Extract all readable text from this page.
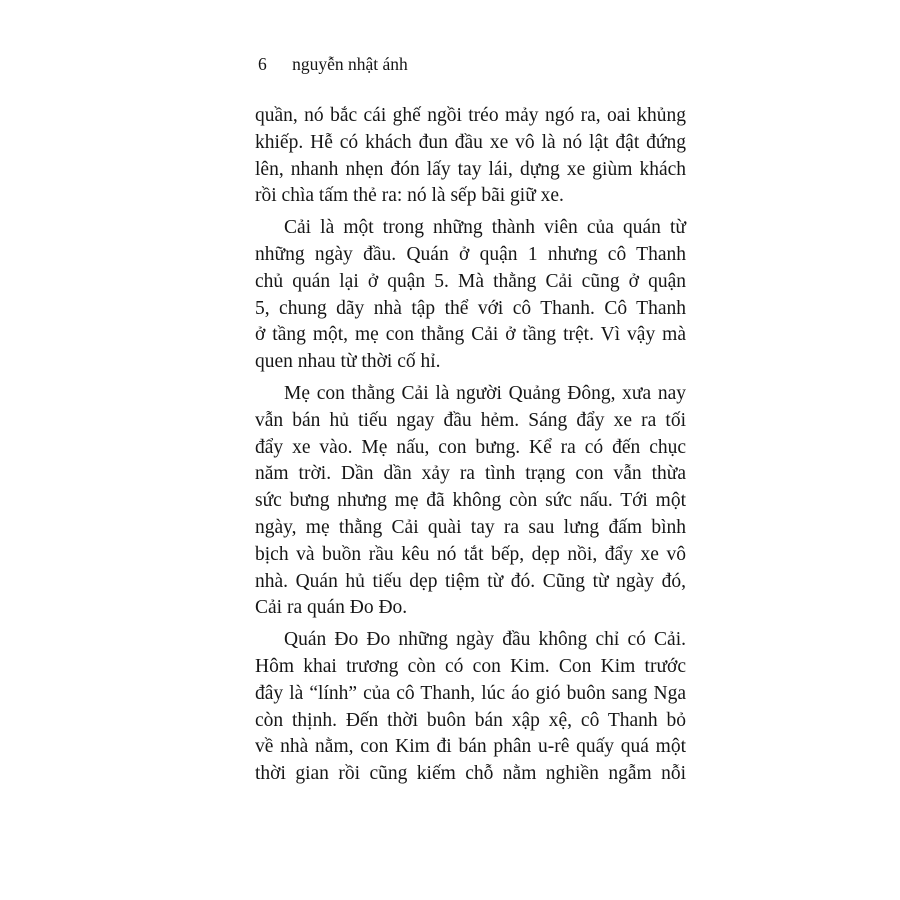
6 nguyễn nhật ánh
quần, nó bắc cái ghế ngồi tréo mảy ngó ra, oai khủng
khiếp. Hễ có khách đun đầu xe vô là nó lật đật đứng
lên, nhanh nhẹn đón lấy tay lái, dựng xe giùm khách
rồi chìa tấm thẻ ra: nó là sếp bãi giữ xe.
Cải là một trong những thành viên của quán từ
những ngày đầu. Quán ở quận 1 nhưng cô Thanh
chủ quán lại ở quận 5. Mà thằng Cải cũng ở quận
5, chung dãy nhà tập thể với cô Thanh. Cô Thanh
ở tầng một, mẹ con thằng Cải ở tầng trệt. Vì vậy mà
quen nhau từ thời cố hỉ.
Mẹ con thằng Cải là người Quảng Đông, xưa nay
vẫn bán hủ tiếu ngay đầu hẻm. Sáng đẩy xe ra tối
đẩy xe vào. Mẹ nấu, con bưng. Kể ra có đến chục
năm trời. Dần dần xảy ra tình trạng con vẫn thừa
sức bưng nhưng mẹ đã không còn sức nấu. Tới một
ngày, mẹ thằng Cải quài tay ra sau lưng đấm bình
bịch và buồn rầu kêu nó tắt bếp, dẹp nồi, đẩy xe vô
nhà. Quán hủ tiếu dẹp tiệm từ đó. Cũng từ ngày đó,
Cải ra quán Đo Đo.
Quán Đo Đo những ngày đầu không chỉ có Cải.
Hôm khai trương còn có con Kim. Con Kim trước
đây là “lính” của cô Thanh, lúc áo gió buôn sang Nga
còn thịnh. Đến thời buôn bán xập xệ, cô Thanh bỏ
về nhà nằm, con Kim đi bán phân u-rê quấy quá một
thời gian rồi cũng kiếm chỗ nằm nghiền ngẫm nỗi
